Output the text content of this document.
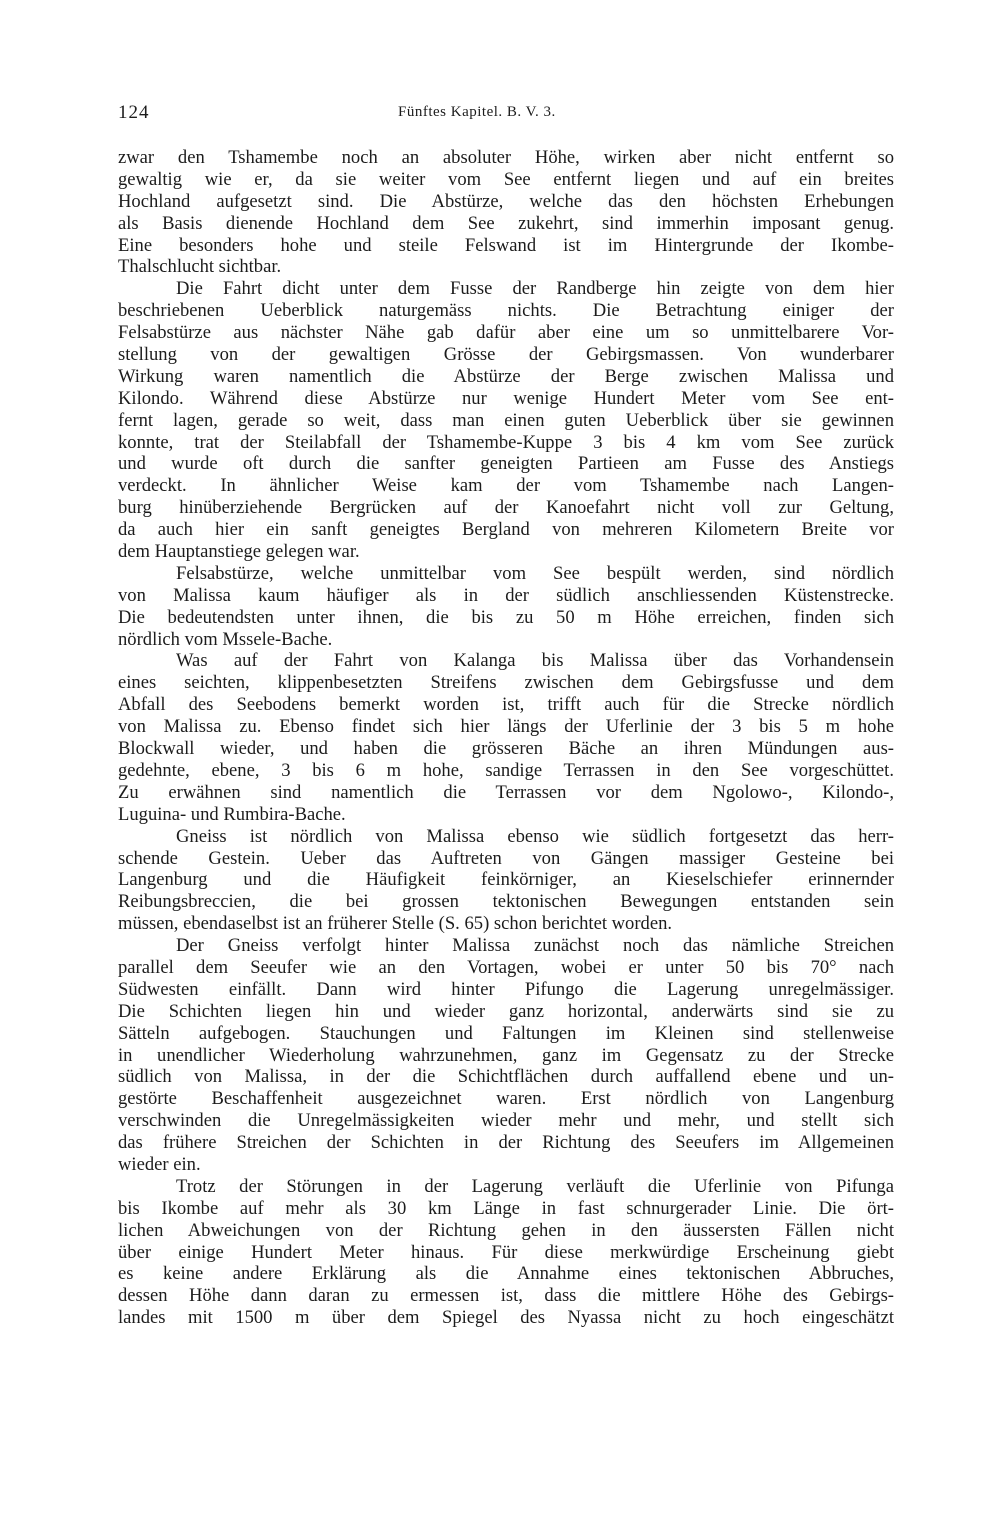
124	Fünftes Kapitel. B. V. 3.
zwar den Tshamembe noch an absoluter Höhe, wirken aber nicht entfernt so
gewaltig wie er, da sie weiter vom See entfernt liegen und auf ein breites
Hochland aufgesetzt sind. Die Abstürze, welche das den höchsten Erhebungen
als Basis dienende Hochland dem See zukehrt, sind immerhin imposant genug.
Eine besonders hohe und steile Felswand ist im Hintergrunde der Ikombe-
Thalschlucht sichtbar.
Die Fahrt dicht unter dem Fusse der Randberge hin zeigte von dem hier
beschriebenen Ueberblick naturgemäss nichts. Die Betrachtung einiger der
Felsabstürze aus nächster Nähe gab dafür aber eine um so unmittelbarere Vor-
stellung von der gewaltigen Grösse der Gebirgsmassen. Von wunderbarer
Wirkung waren namentlich die Abstürze der Berge zwischen Malissa und
Kilondo. Während diese Abstürze nur wenige Hundert Meter vom See ent-
fernt lagen, gerade so weit, dass man einen guten Ueberblick über sie gewinnen
konnte, trat der Steilabfall der Tshamembe-Kuppe 3 bis 4 km vom See zurück
und wurde oft durch die sanfter geneigten Partieen am Fusse des Anstiegs
verdeckt. In ähnlicher Weise kam der vom Tshamembe nach Langen-
burg hinüberziehende Bergrücken auf der Kanoefahrt nicht voll zur Geltung,
da auch hier ein sanft geneigtes Bergland von mehreren Kilometern Breite vor
dem Hauptanstiege gelegen war.
Felsabstürze, welche unmittelbar vom See bespült werden, sind nördlich
von Malissa kaum häufiger als in der südlich anschliessenden Küstenstrecke.
Die bedeutendsten unter ihnen, die bis zu 50 m Höhe erreichen, finden sich
nördlich vom Mssele-Bache.
Was auf der Fahrt von Kalanga bis Malissa über das Vorhandensein
eines seichten, klippenbesetzten Streifens zwischen dem Gebirgsfusse und dem
Abfall des Seebodens bemerkt worden ist, trifft auch für die Strecke nördlich
von Malissa zu. Ebenso findet sich hier längs der Uferlinie der 3 bis 5 m hohe
Blockwall wieder, und haben die grösseren Bäche an ihren Mündungen aus-
gedehnte, ebene, 3 bis 6 m hohe, sandige Terrassen in den See vorgeschüttet.
Zu erwähnen sind namentlich die Terrassen vor dem Ngolowo-, Kilondo-,
Luguina- und Rumbira-Bache.
Gneiss ist nördlich von Malissa ebenso wie südlich fortgesetzt das herr-
schende Gestein. Ueber das Auftreten von Gängen massiger Gesteine bei
Langenburg und die Häufigkeit feinkörniger, an Kieselschiefer erinnernder
Reibungsbreccien, die bei grossen tektonischen Bewegungen entstanden sein
müssen, ebendaselbst ist an früherer Stelle (S. 65) schon berichtet worden.
Der Gneiss verfolgt hinter Malissa zunächst noch das nämliche Streichen
parallel dem Seeufer wie an den Vortagen, wobei er unter 50 bis 70° nach
Südwesten einfällt. Dann wird hinter Pifungo die Lagerung unregelmässiger.
Die Schichten liegen hin und wieder ganz horizontal, anderwärts sind sie zu
Sätteln aufgebogen. Stauchungen und Faltungen im Kleinen sind stellenweise
in unendlicher Wiederholung wahrzunehmen, ganz im Gegensatz zu der Strecke
südlich von Malissa, in der die Schichtflächen durch auffallend ebene und un-
gestörte Beschaffenheit ausgezeichnet waren. Erst nördlich von Langenburg
verschwinden die Unregelmässigkeiten wieder mehr und mehr, und stellt sich
das frühere Streichen der Schichten in der Richtung des Seeufers im Allgemeinen
wieder ein.
Trotz der Störungen in der Lagerung verläuft die Uferlinie von Pifunga
bis Ikombe auf mehr als 30 km Länge in fast schnurgerader Linie. Die ört-
lichen Abweichungen von der Richtung gehen in den äussersten Fällen nicht
über einige Hundert Meter hinaus. Für diese merkwürdige Erscheinung giebt
es keine andere Erklärung als die Annahme eines tektonischen Abbruches,
dessen Höhe dann daran zu ermessen ist, dass die mittlere Höhe des Gebirgs-
landes mit 1500 m über dem Spiegel des Nyassa nicht zu hoch eingeschätzt
